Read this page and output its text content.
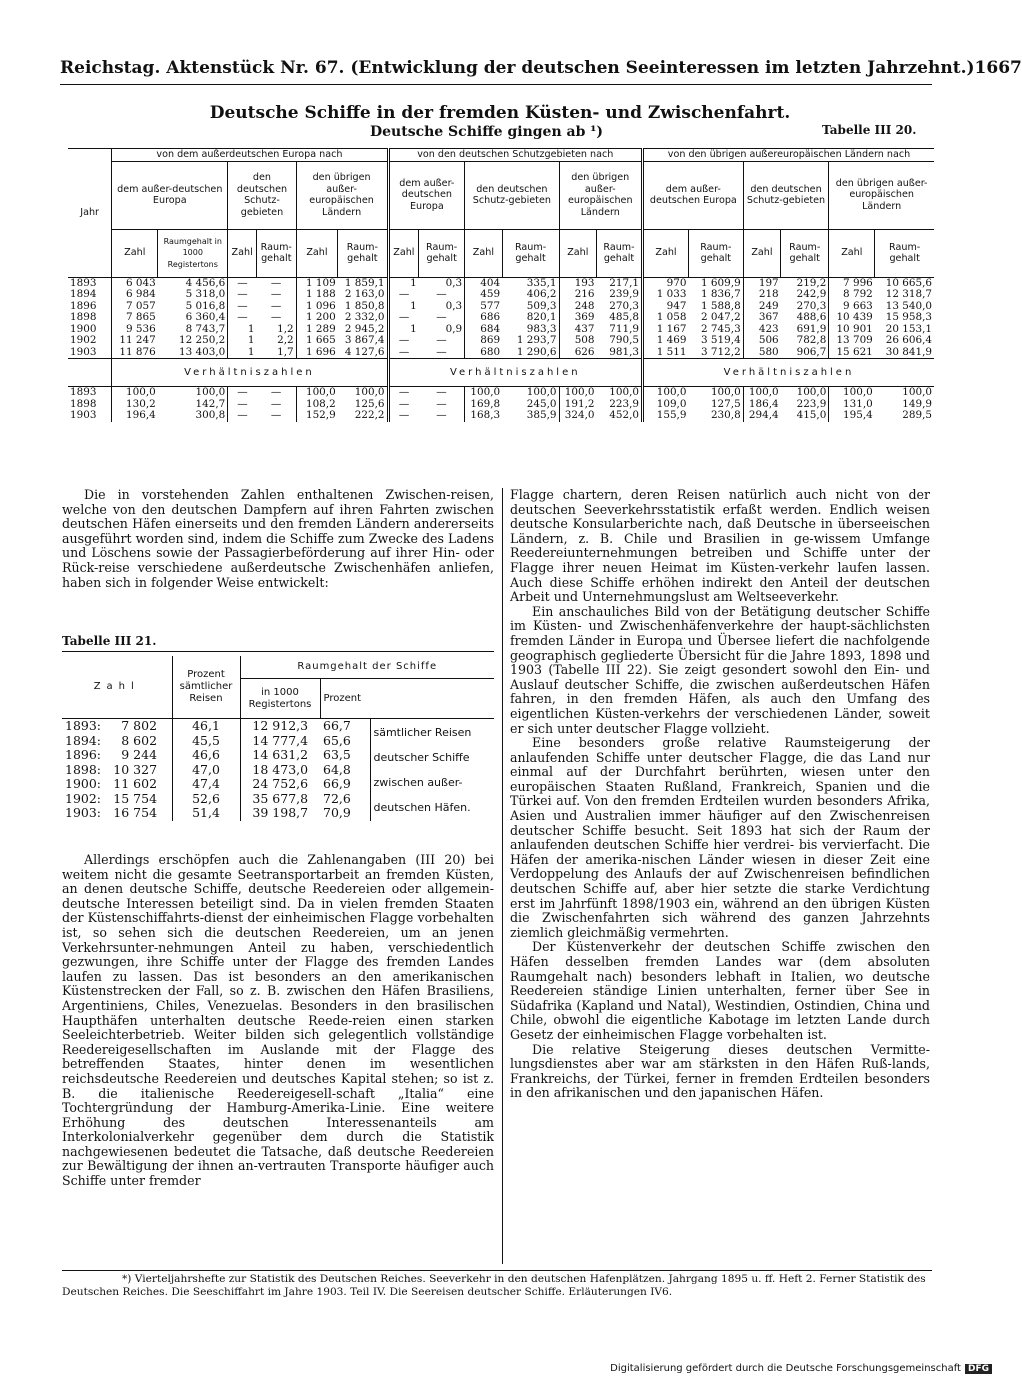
Reichstag. Aktenstück Nr. 67. (Entwicklung der deutschen Seeinteressen im letzten Jahrzehnt.) 1667
Deutsche Schiffe in der fremden Küsten- und Zwischenfahrt.
Deutsche Schiffe gingen ab ¹)	Tabelle III 20.
Jahr	von dem außerdeutschen Europa nach						von den deutschen Schutzgebieten nach						von den übrigen außereuropäischen Ländern nach					
	dem außer-deutschen Europa		den deutschen Schutz-gebieten		den übrigen außer-europäischen Ländern		dem außer-deutschen Europa		den deutschen Schutz-gebieten		den übrigen außer-europäischen Ländern		dem außer-deutschen Europa		den deutschen Schutz-gebieten		den übrigen außer-europäischen Ländern	
	Zahl	Raumgehalt in 1000 Registertons	Zahl	Raum-gehalt	Zahl	Raum-gehalt	Zahl	Raum-gehalt	Zahl	Raum-gehalt	Zahl	Raum-gehalt	Zahl	Raum-gehalt	Zahl	Raum-gehalt	Zahl	Raum-gehalt
1893	6 043	4 456,6	—	—	1 109	1 859,1	1	0,3	404	335,1	193	217,1	970	1 609,9	197	219,2	7 996	10 665,6
1894	6 984	5 318,0	—	—	1 188	2 163,0	—	—	459	406,2	216	239,9	1 033	1 836,7	218	242,9	8 792	12 318,7
1896	7 057	5 016,8	—	—	1 096	1 850,8	1	0,3	577	509,3	248	270,3	947	1 588,8	249	270,3	9 663	13 540,0
1898	7 865	6 360,4	—	—	1 200	2 332,0	—	—	686	820,1	369	485,8	1 058	2 047,2	367	488,6	10 439	15 958,3
1900	9 536	8 743,7	1	1,2	1 289	2 945,2	1	0,9	684	983,3	437	711,9	1 167	2 745,3	423	691,9	10 901	20 153,1
1902	11 247	12 250,2	1	2,2	1 665	3 867,4	—	—	869	1 293,7	508	790,5	1 469	3 519,4	506	782,8	13 709	26 606,4
1903	11 876	13 403,0	1	1,7	1 696	4 127,6	—	—	680	1 290,6	626	981,3	1 511	3 712,2	580	906,7	15 621	30 841,9
	Verhältniszahlen						Verhältniszahlen						Verhältniszahlen					
1893	100,0	100,0	—	—	100,0	100,0	—	—	100,0	100,0	100,0	100,0	100,0	100,0	100,0	100,0	100,0	100,0
1898	130,2	142,7	—	—	108,2	125,6	—	—	169,8	245,0	191,2	223,9	109,0	127,5	186,4	223,9	131,0	149,9
1903	196,4	300,8	—	—	152,9	222,2	—	—	168,3	385,9	324,0	452,0	155,9	230,8	294,4	415,0	195,4	289,5

Die in vorstehenden Zahlen enthaltenen Zwischen-reisen, welche von den deutschen Dampfern auf ihren Fahrten zwischen deutschen Häfen einerseits und den fremden Ländern andererseits ausgeführt worden sind, indem die Schiffe zum Zwecke des Ladens und Löschens sowie der Passagierbeförderung auf ihrer Hin- oder Rück-reise verschiedene außerdeutsche Zwischenhäfen anliefen, haben sich in folgender Weise entwickelt:

Tabelle III 21.
Zahl	Prozent sämtlicher Reisen	Raumgehalt der Schiffe		
		in 1000 Registertons	Prozent	
1893: 7 802	46,1	12 912,3	66,7	sämtlicher Reisen
deutscher Schiffe
zwischen außer-
deutschen Häfen.

1894: 8 602	45,5	14 777,4	65,6	
1896: 9 244	46,6	14 631,2	63,5	
1898: 10 327	47,0	18 473,0	64,8	
1900: 11 602	47,4	24 752,6	66,9	
1902: 15 754	52,6	35 677,8	72,6	
1903: 16 754	51,4	39 198,7	70,9	

Allerdings erschöpfen auch die Zahlenangaben (III 20) bei weitem nicht die gesamte Seetransportarbeit an fremden Küsten, an denen deutsche Schiffe, deutsche Reedereien oder allgemein-deutsche Interessen beteiligt sind. Da in vielen fremden Staaten der Küstenschiffahrts-dienst der einheimischen Flagge vorbehalten ist, so sehen sich die deutschen Reedereien, um an jenen Verkehrsunter-nehmungen Anteil zu haben, verschiedentlich gezwungen, ihre Schiffe unter der Flagge des fremden Landes laufen zu lassen. Das ist besonders an den amerikanischen Küstenstrecken der Fall, so z. B. zwischen den Häfen Brasiliens, Argentiniens, Chiles, Venezuelas. Besonders in den brasilischen Haupthäfen unterhalten deutsche Reede-reien einen starken Seeleichterbetrieb. Weiter bilden sich gelegentlich vollständige Reedereigesellschaften im Auslande mit der Flagge des betreffenden Staates, hinter denen im wesentlichen reichsdeutsche Reedereien und deutsches Kapital stehen; so ist z. B. die italienische Reedereigesell-schaft „Italia“ eine Tochtergründung der Hamburg-Amerika-Linie. Eine weitere Erhöhung des deutschen Interessenanteils am Interkolonialverkehr gegenüber dem durch die Statistik nachgewiesenen bedeutet die Tatsache, daß deutsche Reedereien zur Bewältigung der ihnen an-vertrauten Transporte häufiger auch Schiffe unter fremder

Flagge chartern, deren Reisen natürlich auch nicht von der deutschen Seeverkehrsstatistik erfaßt werden. Endlich weisen deutsche Konsularberichte nach, daß Deutsche in überseeischen Ländern, z. B. Chile und Brasilien in ge-wissem Umfange Reedereiunternehmungen betreiben und Schiffe unter der Flagge ihrer neuen Heimat im Küsten-verkehr laufen lassen. Auch diese Schiffe erhöhen indirekt den Anteil der deutschen Arbeit und Unternehmungslust am Weltseeverkehr.

Ein anschauliches Bild von der Betätigung deutscher Schiffe im Küsten- und Zwischenhäfenverkehre der haupt-sächlichsten fremden Länder in Europa und Übersee liefert die nachfolgende geographisch gegliederte Übersicht für die Jahre 1893, 1898 und 1903 (Tabelle III 22). Sie zeigt gesondert sowohl den Ein- und Auslauf deutscher Schiffe, die zwischen außerdeutschen Häfen fahren, in den fremden Häfen, als auch den Umfang des eigentlichen Küsten-verkehrs der verschiedenen Länder, soweit er sich unter deutscher Flagge vollzieht.

Eine besonders große relative Raumsteigerung der anlaufenden Schiffe unter deutscher Flagge, die das Land nur einmal auf der Durchfahrt berührten, wiesen unter den europäischen Staaten Rußland, Frankreich, Spanien und die Türkei auf. Von den fremden Erdteilen wurden besonders Afrika, Asien und Australien immer häufiger auf den Zwischenreisen deutscher Schiffe besucht. Seit 1893 hat sich der Raum der anlaufenden deutschen Schiffe hier verdrei- bis vervierfacht. Die Häfen der amerika-nischen Länder wiesen in dieser Zeit eine Verdoppelung des Anlaufs der auf Zwischenreisen befindlichen deutschen Schiffe auf, aber hier setzte die starke Verdichtung erst im Jahrfünft 1898/1903 ein, während an den übrigen Küsten die Zwischenfahrten sich während des ganzen Jahrzehnts ziemlich gleichmäßig vermehrten.

Der Küstenverkehr der deutschen Schiffe zwischen den Häfen desselben fremden Landes war (dem absoluten Raumgehalt nach) besonders lebhaft in Italien, wo deutsche Reedereien ständige Linien unterhalten, ferner über See in Südafrika (Kapland und Natal), Westindien, Ostindien, China und Chile, obwohl die eigentliche Kabotage im letzten Lande durch Gesetz der einheimischen Flagge vorbehalten ist.

Die relative Steigerung dieses deutschen Vermitte-lungsdienstes aber war am stärksten in den Häfen Ruß-lands, Frankreichs, der Türkei, ferner in fremden Erdteilen besonders in den afrikanischen und den japanischen Häfen.

*) Vierteljahrshefte zur Statistik des Deutschen Reiches. Seeverkehr in den deutschen Hafenplätzen. Jahrgang 1895 u. ff. Heft 2. Ferner Statistik des Deutschen Reiches. Die Seeschiffahrt im Jahre 1903. Teil IV. Die Seereisen deutscher Schiffe. Erläuterungen IV6.
Digitalisierung gefördert durch die Deutsche Forschungsgemeinschaft DFG
